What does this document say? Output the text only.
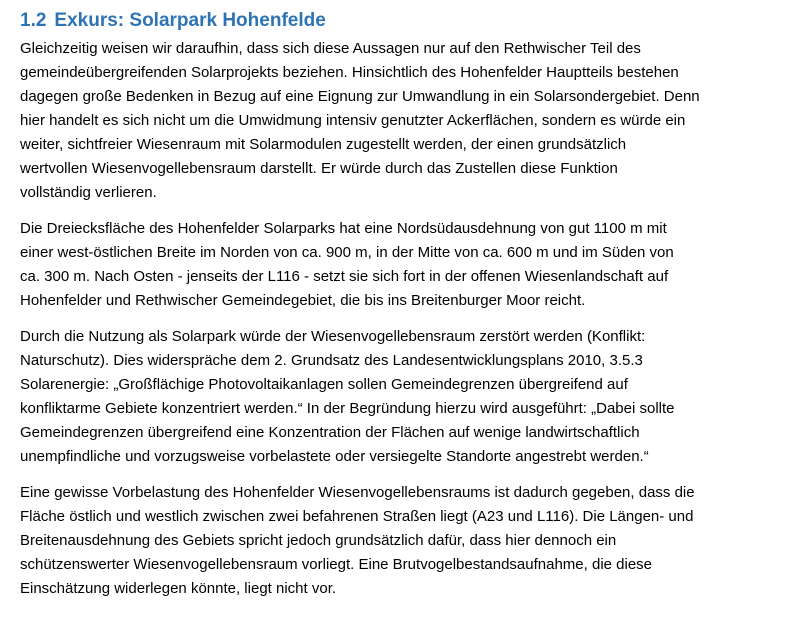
1.2 Exkurs: Solarpark Hohenfelde

Gleichzeitig weisen wir daraufhin, dass sich diese Aussagen nur auf den Rethwischer Teil des
gemeindeübergreifenden Solarprojekts beziehen. Hinsichtlich des Hohenfelder Hauptteils bestehen
dagegen große Bedenken in Bezug auf eine Eignung zur Umwandlung in ein Solarsondergebiet. Denn
hier handelt es sich nicht um die Umwidmung intensiv genutzter Ackerflächen, sondern es würde ein
weiter, sichtfreier Wiesenraum mit Solarmodulen zugestellt werden, der einen grundsätzlich
wertvollen Wiesenvogellebensraum darstellt. Er würde durch das Zustellen diese Funktion
vollständig verlieren.

Die Dreiecksfläche des Hohenfelder Solarparks hat eine Nordsüdausdehnung von gut 1100 m mit
einer west-östlichen Breite im Norden von ca. 900 m, in der Mitte von ca. 600 m und im Süden von
ca. 300 m. Nach Osten - jenseits der L116 - setzt sie sich fort in der offenen Wiesenlandschaft auf
Hohenfelder und Rethwischer Gemeindegebiet, die bis ins Breitenburger Moor reicht.

Durch die Nutzung als Solarpark würde der Wiesenvogellebensraum zerstört werden (Konflikt:
Naturschutz). Dies widerspräche dem 2. Grundsatz des Landesentwicklungsplans 2010, 3.5.3
Solarenergie: „Großflächige Photovoltaikanlagen sollen Gemeindegrenzen übergreifend auf
konfliktarme Gebiete konzentriert werden.“ In der Begründung hierzu wird ausgeführt: „Dabei sollte
Gemeindegrenzen übergreifend eine Konzentration der Flächen auf wenige landwirtschaftlich
unempfindliche und vorzugsweise vorbelastete oder versiegelte Standorte angestrebt werden.“

Eine gewisse Vorbelastung des Hohenfelder Wiesenvogellebensraums ist dadurch gegeben, dass die
Fläche östlich und westlich zwischen zwei befahrenen Straßen liegt (A23 und L116). Die Längen- und
Breitenausdehnung des Gebiets spricht jedoch grundsätzlich dafür, dass hier dennoch ein
schützenswerter Wiesenvogellebensraum vorliegt. Eine Brutvogelbestandsaufnahme, die diese
Einschätzung widerlegen könnte, liegt nicht vor.
